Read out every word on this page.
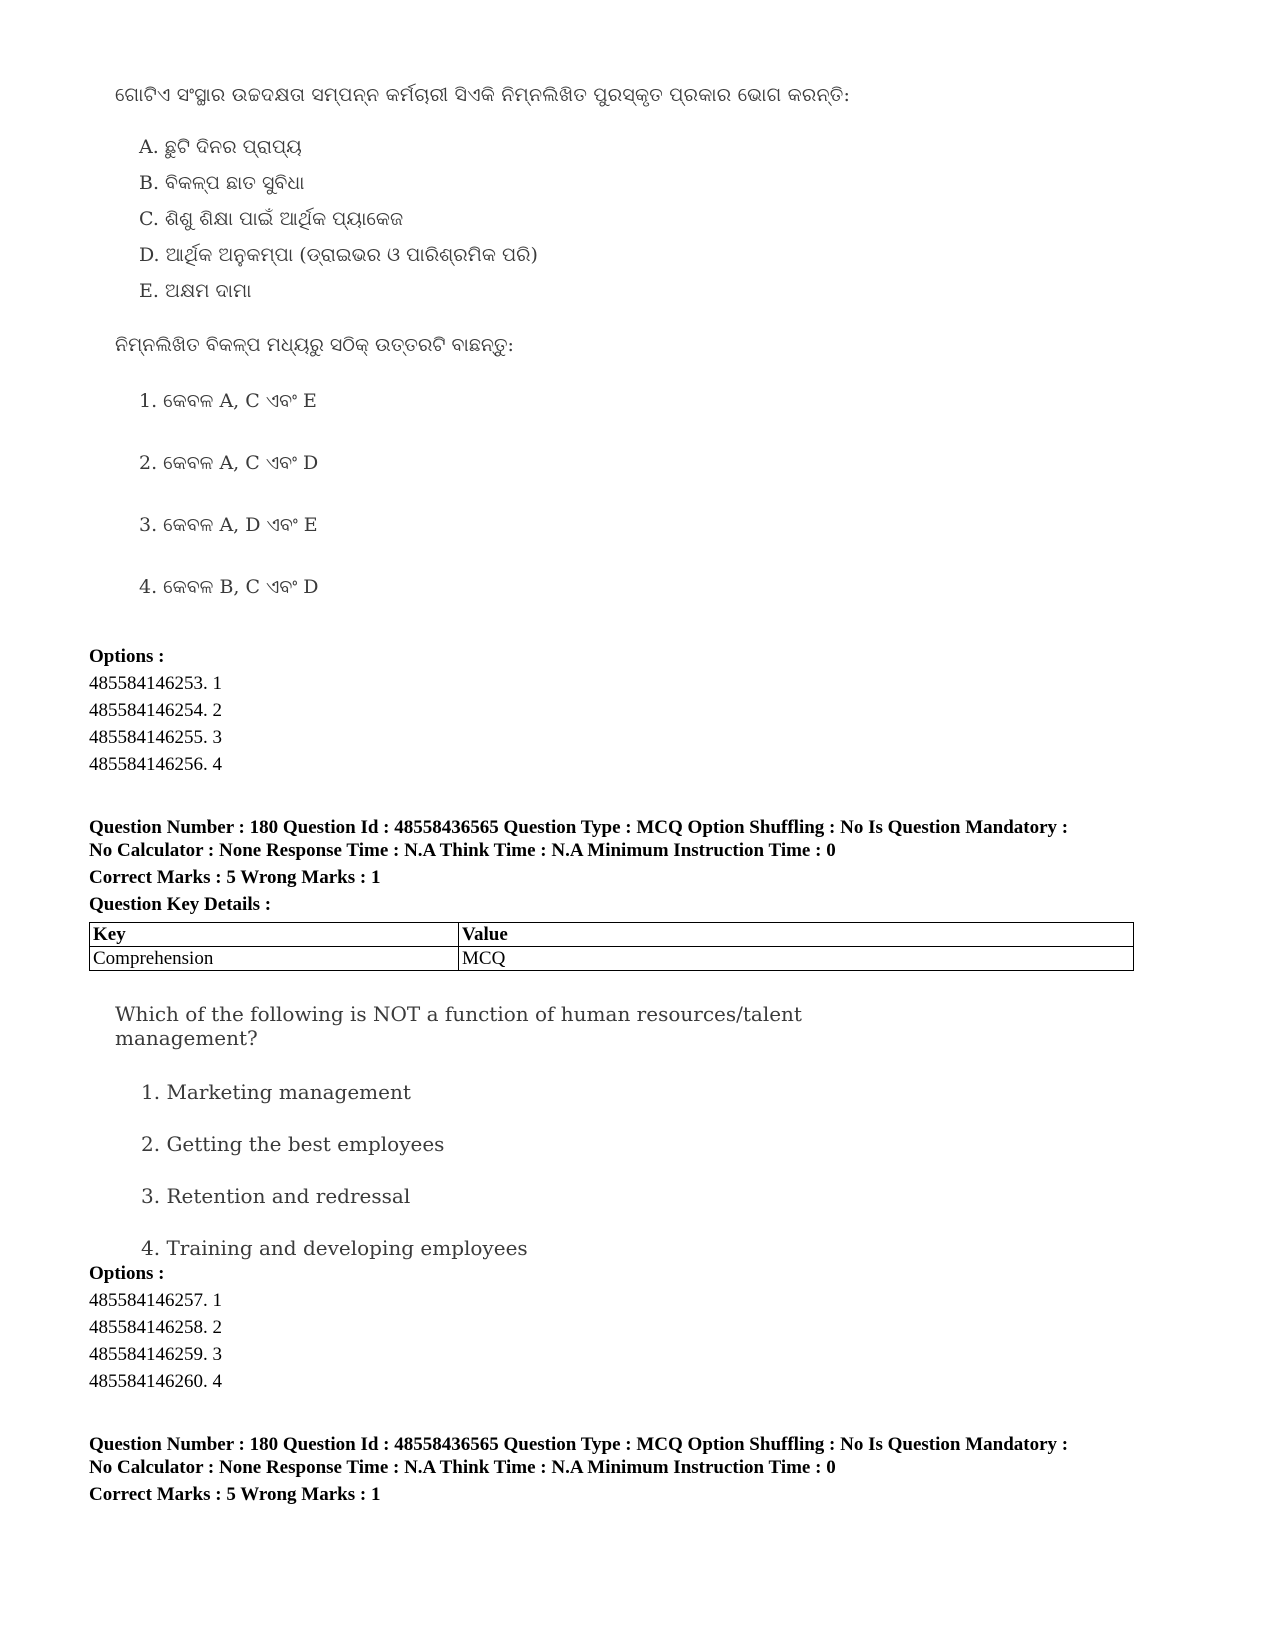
ଗୋଟିଏ ସଂସ୍ଥାର ଉଚ୍ଚଦକ୍ଷତା ସମ୍ପନ୍ନ କର୍ମଚାରୀ ସିଏକି ନିମ୍ନଲିଖିତ ପୁରସ୍କୃତ ପ୍ରକାର ଭୋଗ କରନ୍ତି:
A. ଛୁଟି ଦିନର ପ୍ରାପ୍ୟ
B. ବିକଳ୍ପ ଛାତ ସୁବିଧା
C. ଶିଶୁ ଶିକ୍ଷା ପାଇଁ ଆର୍ଥିକ ପ୍ୟାକେଜ
D. ଆର୍ଥିକ ଅନୁକମ୍ପା (ଡ୍ରାଇଭର ଓ ପାରିଶ୍ରମିକ ପରି)
E. ଅକ୍ଷମ ଦାମା
ନିମ୍ନଲିଖିତ ବିକଳ୍ପ ମଧ୍ୟରୁ ସଠିକ୍ ଉତ୍ତରଟି ବାଛନ୍ତୁ:
1. କେବଳ A, C ଏବଂ E
2. କେବଳ A, C ଏବଂ D
3. କେବଳ A, D ଏବଂ E
4. କେବଳ B, C ଏବଂ D
Options :
485584146253. 1
485584146254. 2
485584146255. 3
485584146256. 4
Question Number : 180 Question Id : 48558436565 Question Type : MCQ Option Shuffling : No Is Question Mandatory :
No Calculator : None Response Time : N.A Think Time : N.A Minimum Instruction Time : 0
Correct Marks : 5 Wrong Marks : 1
Question Key Details :
Key	Value
Comprehension	MCQ
Which of the following is NOT a function of human resources/talent management?
1. Marketing management
2. Getting the best employees
3. Retention and redressal
4. Training and developing employees
Options :
485584146257. 1
485584146258. 2
485584146259. 3
485584146260. 4
Question Number : 180 Question Id : 48558436565 Question Type : MCQ Option Shuffling : No Is Question Mandatory :
No Calculator : None Response Time : N.A Think Time : N.A Minimum Instruction Time : 0
Correct Marks : 5 Wrong Marks : 1
